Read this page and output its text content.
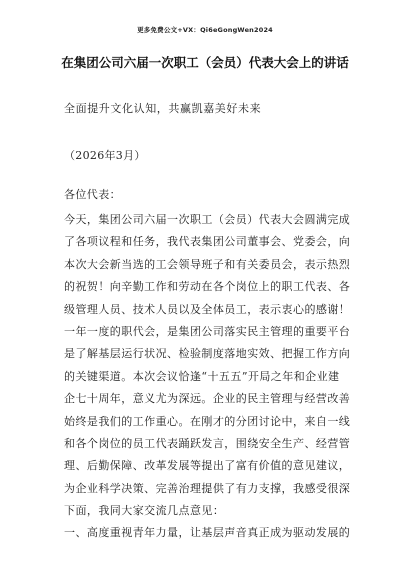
更多免费公文+VX：Qi6eGongWen2024
在集团公司六届一次职工（会员）代表大会上的讲话
全面提升文化认知，共赢凯嘉美好未来
（2026年3月）
各位代表：
今天，集团公司六届一次职工（会员）代表大会圆满完成
了各项议程和任务，我代表集团公司董事会、党委会，向
本次大会新当选的工会领导班子和有关委员会，表示热烈
的祝贺！向辛勤工作和劳动在各个岗位上的职工代表、各
级管理人员、技术人员以及全体员工，表示衷心的感谢！
一年一度的职代会，是集团公司落实民主管理的重要平台
是了解基层运行状况、检验制度落地实效、把握工作方向
的关键渠道。本次会议恰逢“十五五”开局之年和企业建
企七十周年，意义尤为深远。企业的民主管理与经营改善
始终是我们的工作重心。在刚才的分团讨论中，来自一线
和各个岗位的员工代表踊跃发言，围绕安全生产、经营管
理、后勤保障、改革发展等提出了富有价值的意见建议，
为企业科学决策、完善治理提供了有力支撑，我感受很深
下面，我同大家交流几点意见：
一、高度重视青年力量，让基层声音真正成为驱动发展的
